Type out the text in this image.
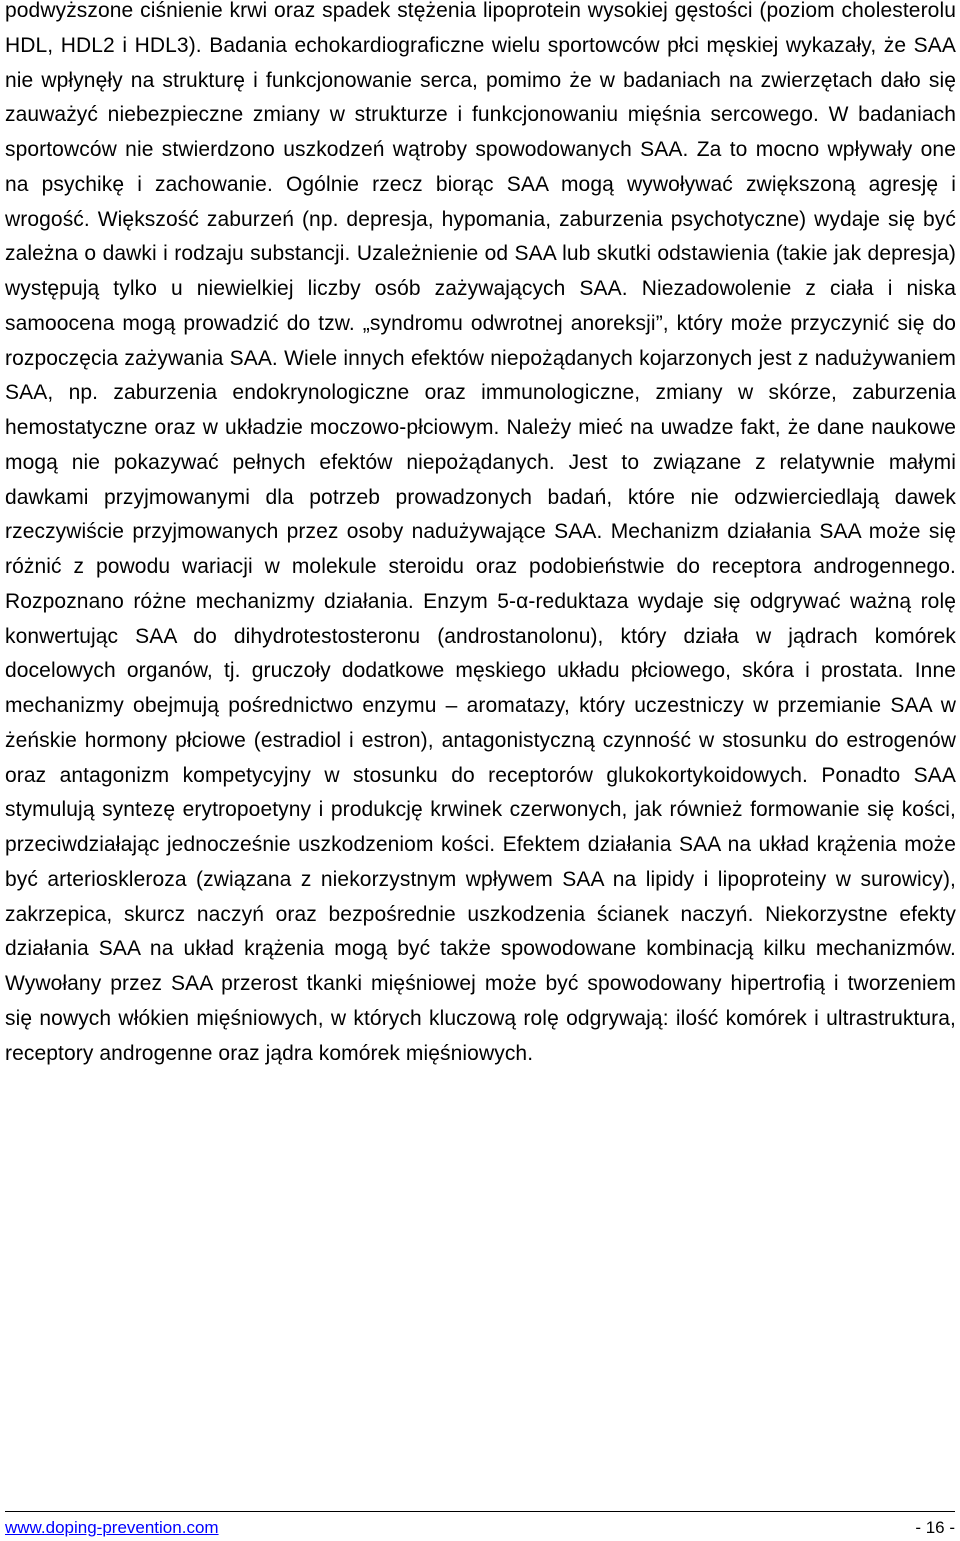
podwyższone ciśnienie krwi oraz spadek stężenia lipoprotein wysokiej gęstości (poziom cholesterolu HDL, HDL2 i HDL3). Badania echokardiograficzne wielu sportowców płci męskiej wykazały, że SAA nie wpłynęły na strukturę i funkcjonowanie serca, pomimo że w badaniach na zwierzętach dało się zauważyć niebezpieczne zmiany w strukturze i funkcjonowaniu mięśnia sercowego. W badaniach sportowców nie stwierdzono uszkodzeń wątroby spowodowanych SAA. Za to mocno wpływały one na psychikę i zachowanie. Ogólnie rzecz biorąc SAA mogą wywoływać zwiększoną agresję i wrogość. Większość zaburzeń (np. depresja, hypomania, zaburzenia psychotyczne) wydaje się być zależna o dawki i rodzaju substancji. Uzależnienie od SAA lub skutki odstawienia (takie jak depresja) występują tylko u niewielkiej liczby osób zażywających SAA. Niezadowolenie z ciała i niska samoocena mogą prowadzić do tzw. „syndromu odwrotnej anoreksji”, który może przyczynić się do rozpoczęcia zażywania SAA. Wiele innych efektów niepożądanych kojarzonych jest z nadużywaniem SAA, np. zaburzenia endokrynologiczne oraz immunologiczne, zmiany w skórze, zaburzenia hemostatyczne oraz w układzie moczowo-płciowym. Należy mieć na uwadze fakt, że dane naukowe mogą nie pokazywać pełnych efektów niepożądanych. Jest to związane z relatywnie małymi dawkami przyjmowanymi dla potrzeb prowadzonych badań, które nie odzwierciedlają dawek rzeczywiście przyjmowanych przez osoby nadużywające SAA. Mechanizm działania SAA może się różnić z powodu wariacji w molekule steroidu oraz podobieństwie do receptora androgennego. Rozpoznano różne mechanizmy działania. Enzym 5-α-reduktaza wydaje się odgrywać ważną rolę konwertując SAA do dihydrotestosteronu (androstanolonu), który działa w jądrach komórek docelowych organów, tj. gruczoły dodatkowe męskiego układu płciowego, skóra i prostata. Inne mechanizmy obejmują pośrednictwo enzymu – aromatazy, który uczestniczy w przemianie SAA w żeńskie hormony płciowe (estradiol i estron), antagonistyczną czynność w stosunku do estrogenów oraz antagonizm kompetycyjny w stosunku do receptorów glukokortykoidowych. Ponadto SAA stymulują syntezę erytropoetyny i produkcję krwinek czerwonych, jak również formowanie się kości, przeciwdziałając jednocześnie uszkodzeniom kości. Efektem działania SAA na układ krążenia może być arterioskleroza (związana z niekorzystnym wpływem SAA na lipidy i lipoproteiny w surowicy), zakrzepica, skurcz naczyń oraz bezpośrednie uszkodzenia ścianek naczyń. Niekorzystne efekty działania SAA na układ krążenia mogą być także spowodowane kombinacją kilku mechanizmów. Wywołany przez SAA przerost tkanki mięśniowej może być spowodowany hipertrofią i tworzeniem się nowych włókien mięśniowych, w których kluczową rolę odgrywają: ilość komórek i ultrastruktura, receptory androgenne oraz jądra komórek mięśniowych.

www.doping-prevention.com	- 16 -
